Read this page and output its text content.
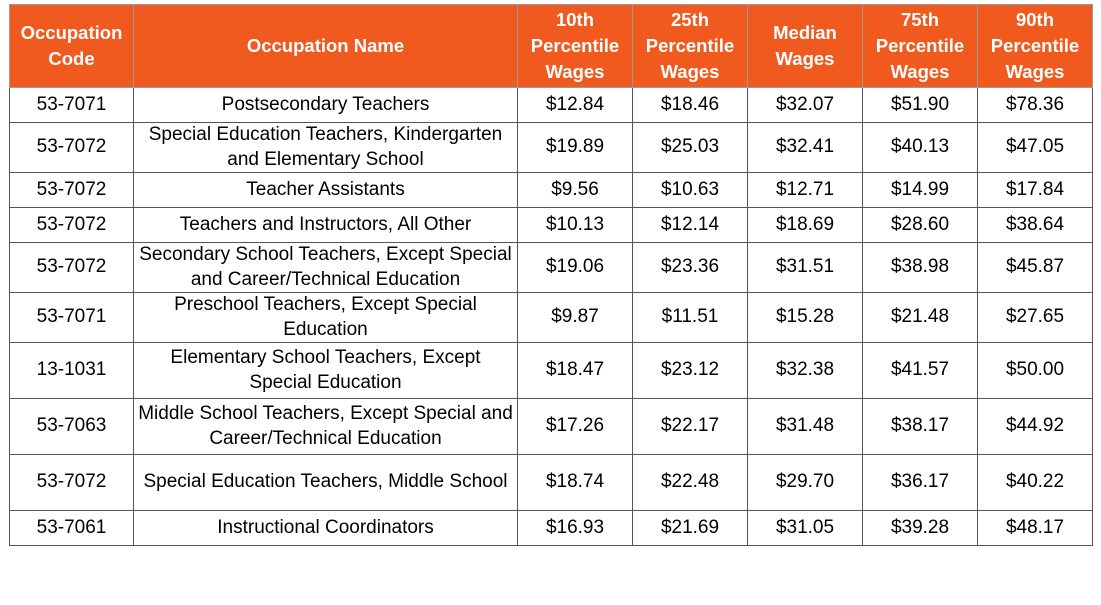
Occupation Code	Occupation Name	10th Percentile Wages	25th Percentile Wages	Median Wages	75th Percentile Wages	90th Percentile Wages
53-7071	Postsecondary Teachers	$12.84	$18.46	$32.07	$51.90	$78.36
53-7072	Special Education Teachers, Kindergarten and Elementary School	$19.89	$25.03	$32.41	$40.13	$47.05
53-7072	Teacher Assistants	$9.56	$10.63	$12.71	$14.99	$17.84
53-7072	Teachers and Instructors, All Other	$10.13	$12.14	$18.69	$28.60	$38.64
53-7072	Secondary School Teachers, Except Special and Career/Technical Education	$19.06	$23.36	$31.51	$38.98	$45.87
53-7071	Preschool Teachers, Except Special Education	$9.87	$11.51	$15.28	$21.48	$27.65
13-1031	Elementary School Teachers, Except Special Education	$18.47	$23.12	$32.38	$41.57	$50.00
53-7063	Middle School Teachers, Except Special and Career/Technical Education	$17.26	$22.17	$31.48	$38.17	$44.92
53-7072	Special Education Teachers, Middle School	$18.74	$22.48	$29.70	$36.17	$40.22
53-7061	Instructional Coordinators	$16.93	$21.69	$31.05	$39.28	$48.17
